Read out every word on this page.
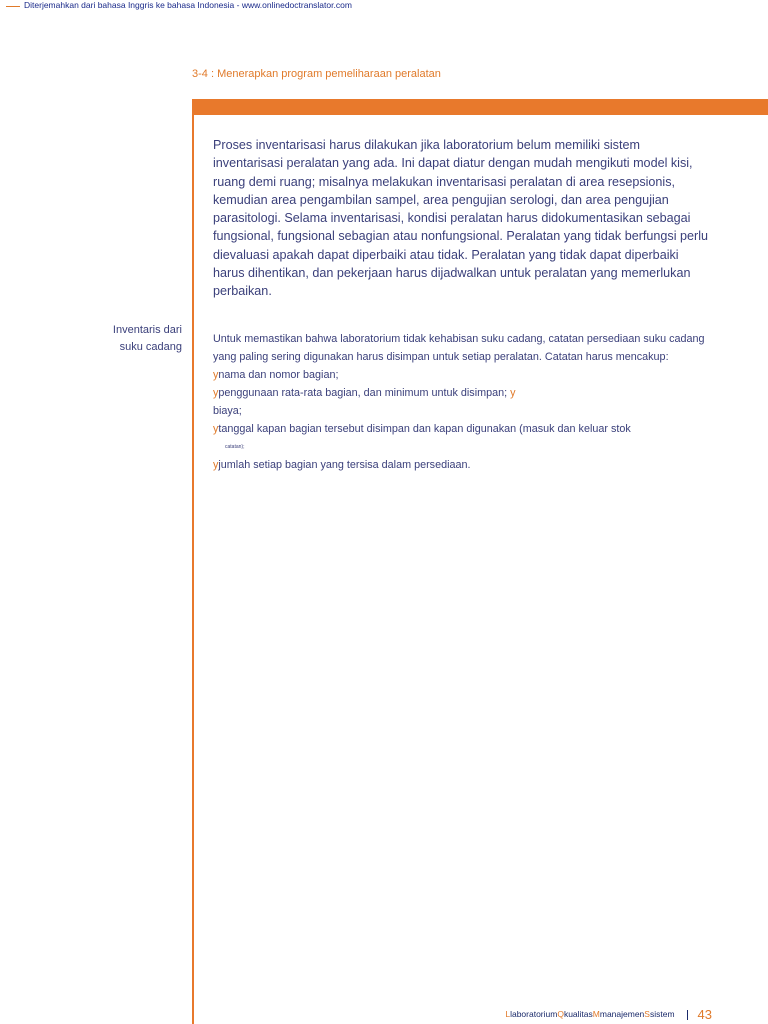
Diterjemahkan dari bahasa Inggris ke bahasa Indonesia - www.onlinedoctranslator.com
3-4 : Menerapkan program pemeliharaan peralatan
Proses inventarisasi harus dilakukan jika laboratorium belum memiliki sistem inventarisasi peralatan yang ada. Ini dapat diatur dengan mudah mengikuti model kisi, ruang demi ruang; misalnya melakukan inventarisasi peralatan di area resepsionis, kemudian area pengambilan sampel, area pengujian serologi, dan area pengujian parasitologi. Selama inventarisasi, kondisi peralatan harus didokumentasikan sebagai fungsional, fungsional sebagian atau nonfungsional. Peralatan yang tidak berfungsi perlu dievaluasi apakah dapat diperbaiki atau tidak. Peralatan yang tidak dapat diperbaiki harus dihentikan, dan pekerjaan harus dijadwalkan untuk peralatan yang memerlukan perbaikan.
Inventaris dari
suku cadang

Untuk memastikan bahwa laboratorium tidak kehabisan suku cadang, catatan persediaan suku cadang yang paling sering digunakan harus disimpan untuk setiap peralatan. Catatan harus mencakup:

ynama dan nomor bagian;
ypenggunaan rata-rata bagian, dan minimum untuk disimpan; y
biaya;
ytanggal kapan bagian tersebut disimpan dan kapan digunakan (masuk dan keluar stok
catatan);
yjumlah setiap bagian yang tersisa dalam persediaan.
LlaboratoriumQkualitasMmanajemenSsistem 43
